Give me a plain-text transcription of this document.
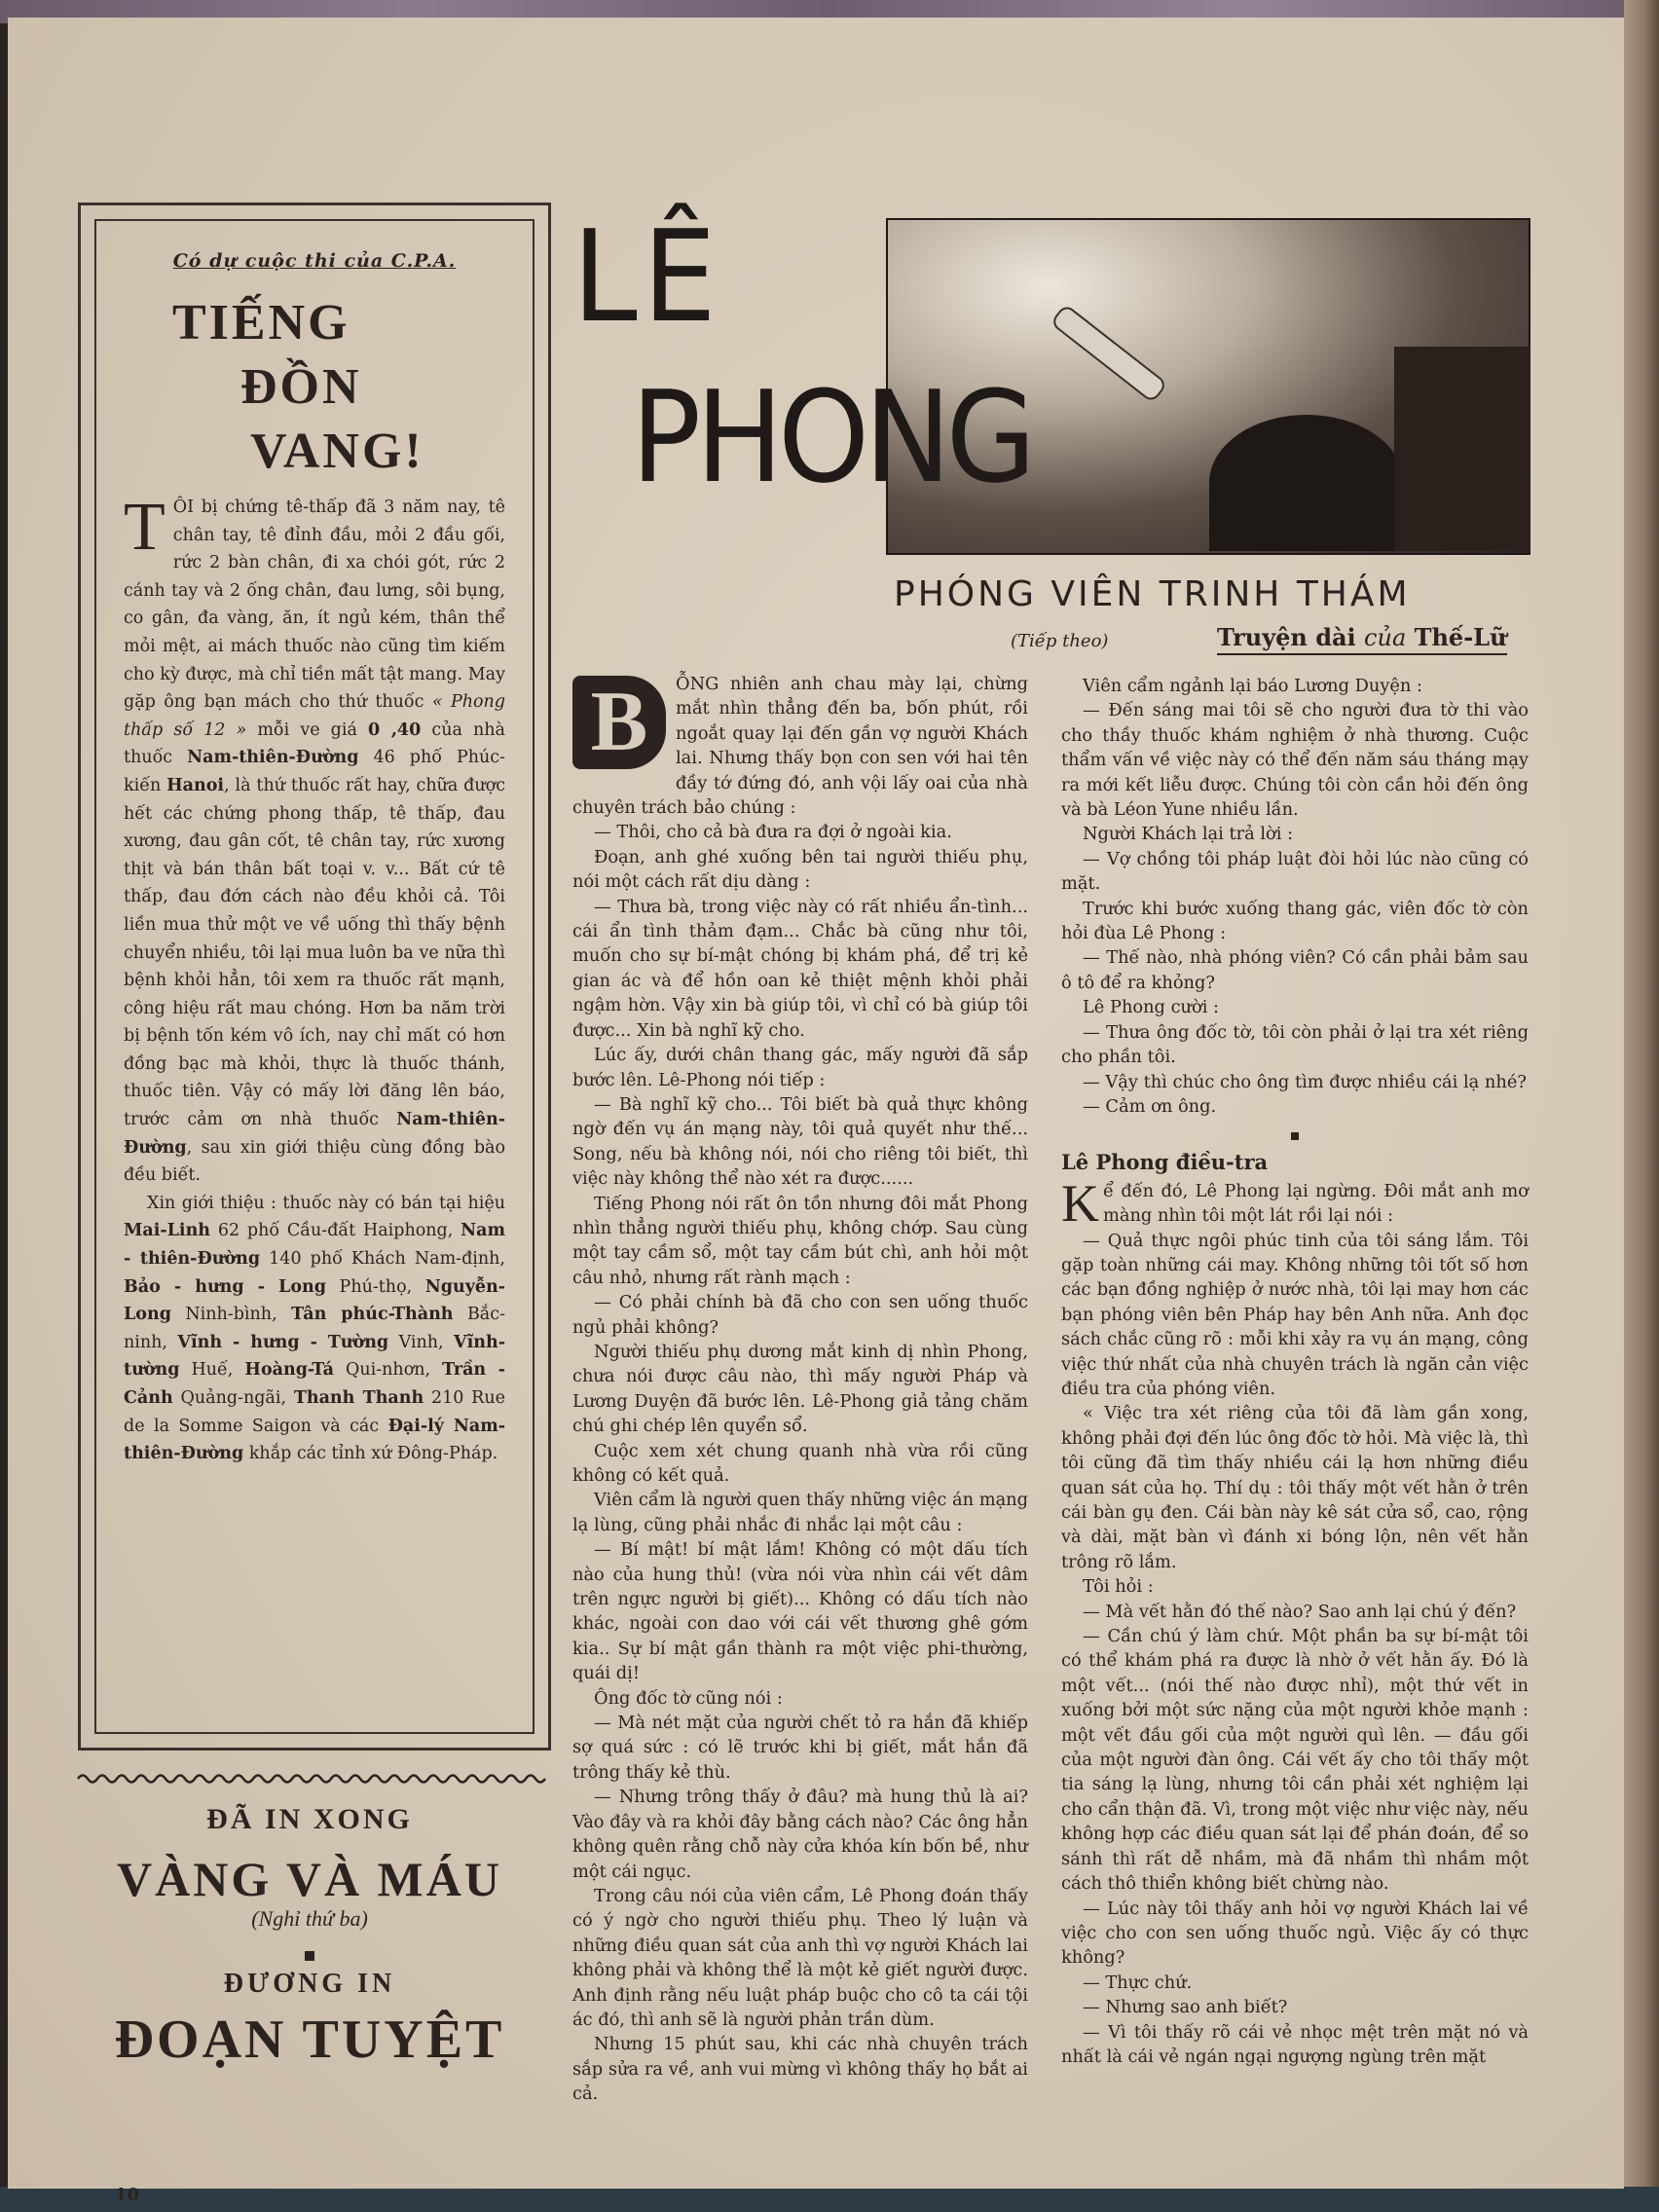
Có dự cuộc thi của C.P.A.
TIẾNG
ĐỒN
VANG!

TÔI bị chứng tê-thấp đã 3 năm nay, tê chân tay, tê đỉnh đầu, mỏi 2 đầu gối, rức 2 bàn chân, đi xa chói gót, rức 2 cánh tay và 2 ống chân, đau lưng, sôi bụng, co gân, đa vàng, ăn, ít ngủ kém, thân thể mỏi mệt, ai mách thuốc nào cũng tìm kiếm cho kỳ được, mà chỉ tiền mất tật mang. May gặp ông bạn mách cho thứ thuốc « Phong thấp số 12 » mỗi ve giá 0 ,40 của nhà thuốc Nam-thiên-Đường 46 phố Phúc-kiến Hanoi, là thứ thuốc rất hay, chữa được hết các chứng phong thấp, tê thấp, đau xương, đau gân cốt, tê chân tay, rức xương thịt và bán thân bất toại v. v... Bất cứ tê thấp, đau đớn cách nào đều khỏi cả. Tôi liền mua thử một ve về uống thì thấy bệnh chuyển nhiều, tôi lại mua luôn ba ve nữa thì bệnh khỏi hẳn, tôi xem ra thuốc rất mạnh, công hiệu rất mau chóng. Hơn ba năm trời bị bệnh tốn kém vô ích, nay chỉ mất có hơn đồng bạc mà khỏi, thực là thuốc thánh, thuốc tiên. Vậy có mấy lời đăng lên báo, trước cảm ơn nhà thuốc Nam-thiên-Đường, sau xin giới thiệu cùng đồng bào đều biết.

Xin giới thiệu : thuốc này có bán tại hiệu Mai-Linh 62 phố Cầu-đất Haiphong, Nam - thiên-Đường 140 phố Khách Nam-định, Bảo - hưng - Long Phú-thọ, Nguyễn-Long Ninh-bình, Tân phúc-Thành Bắc-ninh, Vĩnh - hưng - Tường Vinh, Vĩnh-tường Huế, Hoàng-Tá Qui-nhơn, Trần - Cảnh Quảng-ngãi, Thanh Thanh 210 Rue de la Somme Saigon và các Đại-lý Nam-thiên-Đường khắp các tỉnh xứ Đông-Pháp.

ĐÃ IN XONG
VÀNG VÀ MÁU
(Nghỉ thứ ba)
ĐƯƠNG IN
ĐOẠN TUYỆT
LÊ
PHONG
PHÓNG VIÊN TRINH THÁM
(Tiếp theo)	Truyện dài của Thế-Lữ

B	ỖNG nhiên anh chau mày lại, chừng mắt nhìn thẳng đến ba, bốn phút, rồi ngoắt quay lại đến gần vợ người Khách lai. Nhưng thấy bọn con sen với hai tên đầy tớ đứng đó, anh vội lấy oai của nhà chuyên trách bảo chúng :

— Thôi, cho cả bà đưa ra đợi ở ngoài kia.

Đoạn, anh ghé xuống bên tai người thiếu phụ, nói một cách rất dịu dàng :

— Thưa bà, trong việc này có rất nhiều ẩn-tình... cái ẩn tình thảm đạm... Chắc bà cũng như tôi, muốn cho sự bí-mật chóng bị khám phá, để trị kẻ gian ác và để hồn oan kẻ thiệt mệnh khỏi phải ngậm hờn. Vậy xin bà giúp tôi, vì chỉ có bà giúp tôi được... Xin bà nghĩ kỹ cho.

Lúc ấy, dưới chân thang gác, mấy người đã sắp bước lên. Lê-Phong nói tiếp :

— Bà nghĩ kỹ cho... Tôi biết bà quả thực không ngờ đến vụ án mạng này, tôi quả quyết như thế... Song, nếu bà không nói, nói cho riêng tôi biết, thì việc này không thể nào xét ra được......

Tiếng Phong nói rất ôn tồn nhưng đôi mắt Phong nhìn thẳng người thiếu phụ, không chớp. Sau cùng một tay cầm sổ, một tay cầm bút chì, anh hỏi một câu nhỏ, nhưng rất rành mạch :

— Có phải chính bà đã cho con sen uống thuốc ngủ phải không?

Người thiếu phụ dương mắt kinh dị nhìn Phong, chưa nói được câu nào, thì mấy người Pháp và Lương Duyện đã bước lên. Lê-Phong giả tảng chăm chú ghi chép lên quyển sổ.

Cuộc xem xét chung quanh nhà vừa rồi cũng không có kết quả.

Viên cẩm là người quen thấy những việc án mạng lạ lùng, cũng phải nhắc đi nhắc lại một câu :

— Bí mật! bí mật lắm! Không có một dấu tích nào của hung thủ! (vừa nói vừa nhìn cái vết dâm trên ngực người bị giết)... Không có dấu tích nào khác, ngoài con dao với cái vết thương ghê gớm kia.. Sự bí mật gần thành ra một việc phi-thường, quái dị!

Ông đốc tờ cũng nói :

— Mà nét mặt của người chết tỏ ra hắn đã khiếp sợ quá sức : có lẽ trước khi bị giết, mắt hắn đã trông thấy kẻ thù.

— Nhưng trông thấy ở đâu? mà hung thủ là ai? Vào đây và ra khỏi đây bằng cách nào? Các ông hẳn không quên rằng chỗ này cửa khóa kín bốn bề, như một cái ngục.

Trong câu nói của viên cẩm, Lê Phong đoán thấy có ý ngờ cho người thiếu phụ. Theo lý luận và những điều quan sát của anh thì vợ người Khách lai không phải và không thể là một kẻ giết người được. Anh định rằng nếu luật pháp buộc cho cô ta cái tội ác đó, thì anh sẽ là người phản trần dùm.

Nhưng 15 phút sau, khi các nhà chuyên trách sắp sửa ra về, anh vui mừng vì không thấy họ bắt ai cả.

Viên cẩm ngảnh lại báo Lương Duyện :

— Đến sáng mai tôi sẽ cho người đưa tờ thi vào cho thầy thuốc khám nghiệm ở nhà thương. Cuộc thẩm vấn về việc này có thể đến năm sáu tháng mạy ra mới kết liễu được. Chúng tôi còn cần hỏi đến ông và bà Léon Yune nhiều lần.

Người Khách lại trả lời :

— Vợ chồng tôi pháp luật đòi hỏi lúc nào cũng có mặt.

Trước khi bước xuống thang gác, viên đốc tờ còn hỏi đùa Lê Phong :

— Thế nào, nhà phóng viên? Có cần phải bảm sau ô tô để ra khỏng?

Lê Phong cười :

— Thưa ông đốc tờ, tôi còn phải ở lại tra xét riêng cho phần tôi.

— Vậy thì chúc cho ông tìm được nhiều cái lạ nhé?

— Cảm ơn ông.

Lê Phong điều-tra

Kể đến đó, Lê Phong lại ngừng. Đôi mắt anh mơ màng nhìn tôi một lát rồi lại nói :

— Quả thực ngôi phúc tinh của tôi sáng lắm. Tôi gặp toàn những cái may. Không những tôi tốt số hơn các bạn đồng nghiệp ở nước nhà, tôi lại may hơn các bạn phóng viên bên Pháp hay bên Anh nữa. Anh đọc sách chắc cũng rõ : mỗi khi xảy ra vụ án mạng, công việc thứ nhất của nhà chuyên trách là ngăn cản việc điều tra của phóng viên.

« Việc tra xét riêng của tôi đã làm gần xong, không phải đợi đến lúc ông đốc tờ hỏi. Mà việc là, thì tôi cũng đã tìm thấy nhiều cái lạ hơn những điều quan sát của họ. Thí dụ : tôi thấy một vết hằn ở trên cái bàn gụ đen. Cái bàn này kê sát cửa sổ, cao, rộng và dài, mặt bàn vì đánh xi bóng lộn, nên vết hằn trông rõ lắm.

Tôi hỏi :

— Mà vết hằn đó thế nào? Sao anh lại chú ý đến?

— Cần chú ý làm chứ. Một phần ba sự bí-mật tôi có thể khám phá ra được là nhờ ở vết hằn ấy. Đó là một vết... (nói thế nào được nhỉ), một thứ vết in xuống bởi một sức nặng của một người khỏe mạnh : một vết đầu gối của một người quì lên. — đầu gối của một người đàn ông. Cái vết ấy cho tôi thấy một tia sáng lạ lùng, nhưng tôi cần phải xét nghiệm lại cho cẩn thận đã. Vì, trong một việc như việc này, nếu không hợp các điều quan sát lại để phán đoán, để so sánh thì rất dễ nhầm, mà đã nhầm thì nhầm một cách thô thiển không biết chừng nào.

— Lúc này tôi thấy anh hỏi vợ người Khách lai về việc cho con sen uống thuốc ngủ. Việc ấy có thực không?

— Thực chứ.

— Nhưng sao anh biết?

— Vì tôi thấy rõ cái vẻ nhọc mệt trên mặt nó và nhất là cái vẻ ngán ngại ngượng ngùng trên mặt

10
